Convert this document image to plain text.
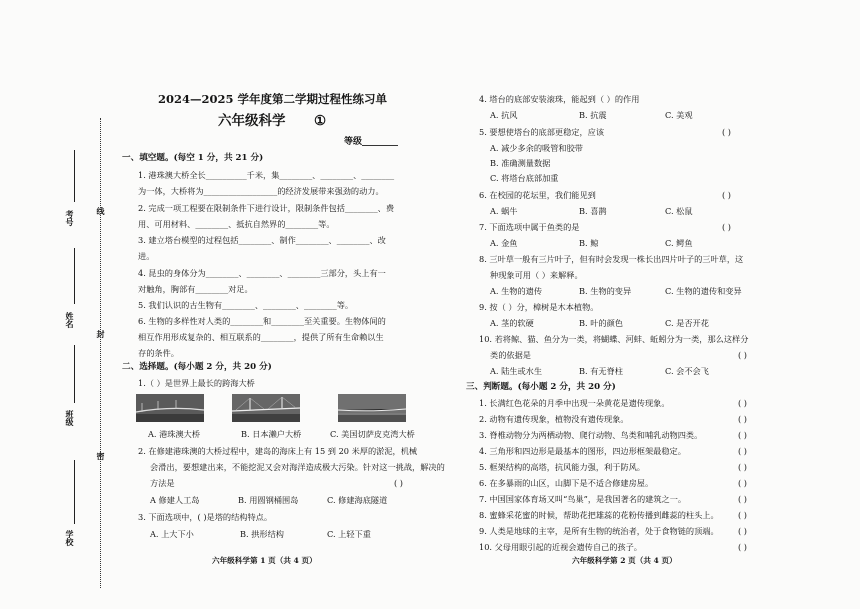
线
封
密
考号
姓名
班级
学校
2024—2025 学年度第二学期过程性练习单
六年级科学 ①
等级________
一、填空题。(每空 1 分，共 21 分)
1. 港珠澳大桥全长__________千米，集________、________、________
为一体，大桥将为__________________的经济发展带来强劲的动力。
2. 完成一项工程要在限制条件下进行设计，限制条件包括________、费
用、可用材料、________、抵抗自然界的________等。
3. 建立塔台模型的过程包括________、制作________、________、改
进。
4. 昆虫的身体分为________、________、________三部分，头上有一
对触角，胸部有________对足。
5. 我们认识的古生物有________、________、________等。
6. 生物的多样性对人类的________和________至关重要。生物体间的
相互作用形成复杂的、相互联系的________，提供了所有生命赖以生
存的条件。
二、选择题。(每小题 2 分，共 20 分)
1.（ ）是世界上最长的跨海大桥
A. 港珠澳大桥	B. 日本濑户大桥	C. 美国切萨皮克湾大桥
2. 在修建港珠澳的大桥过程中，建岛的海床上有 15 到 20 米厚的淤泥，机械
会滑出，要想建出来，不能挖泥又会对海洋造成极大污染。针对这一挑战，解决的
方法是	( )
A 修建人工岛	B. 用圆钢桶围岛	C. 修建海底隧道
3. 下面选项中，( )是塔的结构特点。
A. 上大下小	B. 拱形结构	C. 上轻下重
六年级科学第 1 页（共 4 页）
4. 塔台的底部安装滚珠，能起到（ ）的作用
A. 抗风	B. 抗震	C. 美观
5. 要想使塔台的底部更稳定，应该	( )
A. 减少多余的吸管和胶带
B. 准确测量数据
C. 将塔台底部加重
6. 在校园的花坛里，我们能见到	( )
A. 蜗牛	B. 喜鹊	C. 松鼠
7. 下面选项中属于鱼类的是	( )
A. 金鱼	B. 鲸	C. 鳄鱼
8. 三叶草一般有三片叶子，但有时会发现一株长出四片叶子的三叶草，这
种现象可用（ ）来解释。
A. 生物的遗传	B. 生物的变异	C. 生物的遗传和变异
9. 按（ ）分，樟树是木本植物。
A. 茎的软硬	B. 叶的颜色	C. 是否开花
10. 若将鲸、猫、鱼分为一类，将蝴蝶、河蚌、蚯蚓分为一类，那么这样分
类的依据是	( )
A. 陆生或水生	B. 有无脊柱	C. 会不会飞
三、判断题。(每小题 2 分，共 20 分)
1. 长满红色花朵的月季中出现一朵黄花是遗传现象。	( )
2. 动物有遗传现象，植物没有遗传现象。	( )
3. 脊椎动物分为两栖动物、爬行动物、鸟类和哺乳动物四类。	( )
4. 三角形和四边形是最基本的图形，四边形框架最稳定。	( )
5. 框架结构的高塔，抗风能力强，利于防风。	( )
6. 在多暴雨的山区，山脚下是不适合修建房屋。	( )
7. 中国国家体育场又叫“鸟巢”，是我国著名的建筑之一。	( )
8. 蜜蜂采花蜜的时候，帮助花把雄蕊的花粉传播到雌蕊的柱头上。 ( )
9. 人类是地球的主宰，是所有生物的统治者，处于食物链的顶端。 ( )
10. 父母用眼引起的近视会遗传自己的孩子。	( )
六年级科学第 2 页（共 4 页）
